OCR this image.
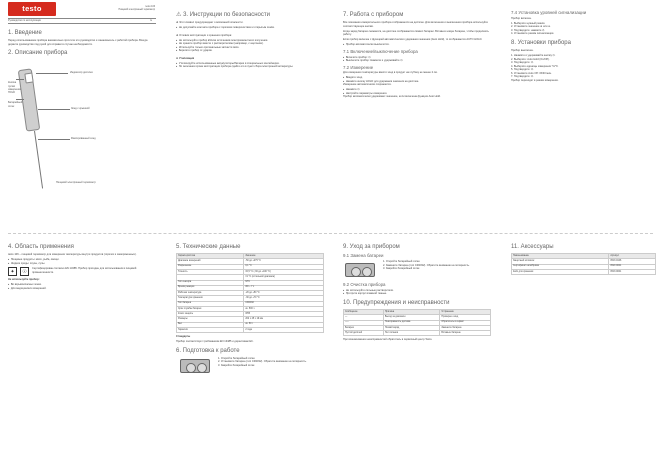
testo	testo 106
Пищевой электронный термометр
Руководство по эксплуатации	ru
1. Введение
Перед использованием прибора внимательно прочтите это руководство и ознакомьтесь с работой прибора. Всегда держите руководство под рукой для справки в случае необходимости.
2. Описание прибора
Индикатор дисплея
Кнопка пуска/ измерения HOLD
Батарейный отсек
Зонд с крышкой
Фиксированный зонд
Пищевой электронный термометр
⚠ 3. Инструкции по безопасности
⚠ Этот символ предупреждает о возможной опасности.
▸ Не допускайте контакта прибора с горячими поверхностями и открытым огнём.
⚠ Условия эксплуатации и хранения прибора:
▸ Не используйте прибор вблизи источников электромагнитного излучения.
▸ Не храните прибор вместе с растворителями (например, с ацетоном).
▸ Используйте только оригинальные запчасти testo.
▸ Берегите прибор от ударов.
♻ Утилизация
▸ Утилизируйте использованные аккумуляторы/батареи в специальных контейнерах.
▸ По окончании срока эксплуатации прибора сдайте его в пункт сбора электронной аппаратуры.
7. Работа с прибором
Все показания измерительного прибора отображаются на дисплее. Для включения и выключения прибора используйте соответствующие кнопки.
Когда заряд батареи снижается, на дисплее отображается символ батареи. Вставьте новую батарею, чтобы продолжить работу.
Если прибор включен с функцией автоматического удержания значения (Auto Hold), то отображается AUTO HOLD.
▸ Прибор автоматически выключится.
7.1 Включение/выключение прибора
▸ Включите прибор: ⏻.
▸ Выключите прибор: Нажмите и удерживайте ⏻.
7.2 Измерение
Для измерения температуры ввести зонд в продукт на глубину не менее 2 см.
▸ Введите зонд.
▸ Нажмите кнопку HOLD для удержания значения на дисплее.
Измерение автоматически сохраняется.
▸ Нажмите ⏻.
▸ Настройте параметры измерения.
Прибор автоматически удерживает значение, если включена функция Auto Hold.
7.4 Установка уровней сигнализации
Прибор включен.
1. Выберите нужный режим.
2. Установите значение ⊕ или ⊖.
3. Подтвердите: нажмите ⏻.
4. Установите режим сигнализации.
8. Установки прибора
Прибор выключен.
1. Нажмите и удерживайте кнопку ⏻.
2. Выберите: Auto Hold (On/Off).
3. Подтвердите: ⏻.
4. Выберите единицы измерения °C/°F.
5. Подтвердите: ⏻.
6. Установите Auto Off: 15/30 мин.
7. Подтвердите: ⏻.
Прибор переходит в режим измерения.
4. Область применения
testo 106 – пищевой термометр для измерения температуры внутри продуктов (горячих и замороженных).
▸ Пищевые продукты: мясо, рыба, овощи.
▸ Жидкие среды: соусы, супы.
✦	☉
Сертифицирован согласно EN 13485. Прибор пригоден для использования в пищевой промышленности.
Не используйте прибор:
▸ Во взрывоопасных зонах.
▸ Для медицинских измерений.
5. Технические данные
Характеристика	Значение
Диапазон измерений	-50 до +275 °C
Разрешение	0,1 °C
Точность	±0,5 °C (-30 до +100 °C)
	±1 °C (остальной диапазон)
Тип сенсора	NTC
Время реакции	t90 ≈ 7 с
Рабочая температура	-20 до +50 °C
Температура хранения	-30 до +70 °C
Тип батареи	CR2032
Срок службы батареи	ок. 500 ч
Класс защиты	IP65
Размеры	202 x 45 x 19 мм
Вес	ок. 50 г
Гарантия	2 года
Стандарты
Прибор соответствует требованиям EN 13485 и директивам ЕС.
6. Подготовка к работе
1. Откройте батарейный отсек.
2. Установите батарею (тип CR2032). Обратите внимание на полярность.
3. Закройте батарейный отсек.
9. Уход за прибором
9.1 Замена батареи
1. Откройте батарейный отсек.
2. Замените батарею (тип CR2032). Обратите внимание на полярность.
3. Закройте батарейный отсек.
9.2 Очистка прибора
▸ Не используйте сильные растворители.
▸ Протрите корпус влажной тканью.
10. Предупреждения и неисправности
Сообщение	Причина	Устранение
—	Выход за диапазон	Проверьте зонд
-----	Неисправность датчика	Обратитесь в сервис
Батарея	Низкий заряд	Замените батарею
Пустой дисплей	Нет питания	Вставьте батарею
При возникновении неисправностей обратитесь в сервисный центр Testo.
11. Аксессуары
Наименование	Артикул
Защитный колпачок	0516 0106
Сертификат калибровки	0520 0001
Кейс для хранения	0516 0001
